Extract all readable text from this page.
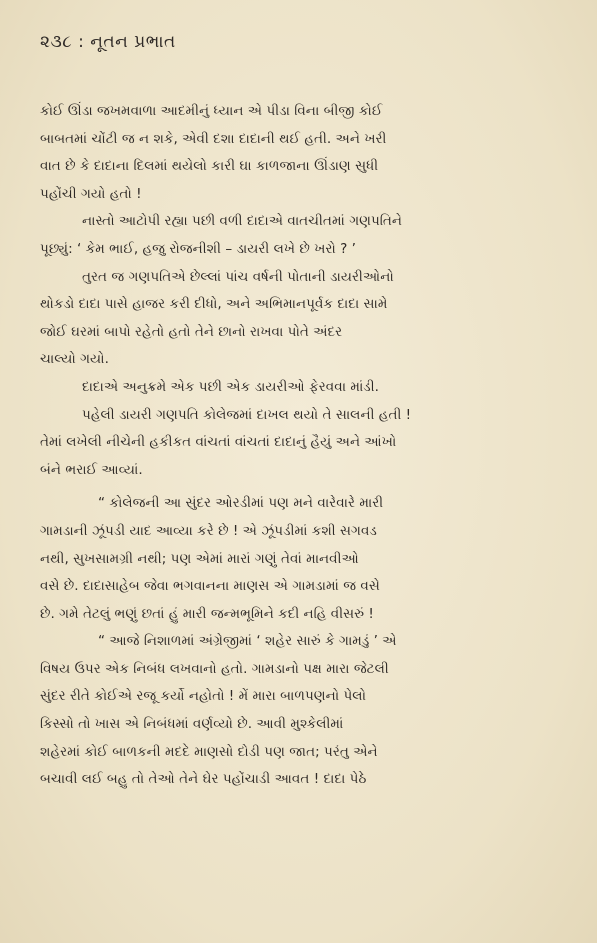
૨૩૮ : નૂતન પ્રભાત

કોઈ ઊંડા જખમવાળા આદમીનું ધ્યાન એ પીડા વિના બીજી કોઈ
બાબતમાં ચોંટી જ ન શકે, એવી દશા દાદાની થઈ હતી. અને ખરી
વાત છે કે દાદાના દિલમાં થયેલો કારી ઘા કાળજાના ઊંડાણ સુધી
પહોંચી ગયો હતો !

નાસ્તો આટોપી રહ્યા પછી વળી દાદાએ વાતચીતમાં ગણપતિને
પૂછ્યું: ‘ કેમ ભાઈ, હજુ રોજનીશી – ડાયરી લખે છે ખરો ? ’

તુરત જ ગણપતિએ છેલ્લાં પાંચ વર્ષની પોતાની ડાયરીઓનો
થોકડો દાદા પાસે હાજર કરી દીધો, અને અભિમાનપૂર્વક દાદા સામે
જોઈ ઘરમાં બાપો રહેતો હતો તેને છાનો રાખવા પોતે અંદર
ચાલ્યો ગયો.

દાદાએ અનુક્રમે એક પછી એક ડાયરીઓ ફેરવવા માંડી.

પહેલી ડાયરી ગણપતિ કોલેજમાં દાખલ થયો તે સાલની હતી !
તેમાં લખેલી નીચેની હકીકત વાંચતાં વાંચતાં દાદાનું હૈયું અને આંખો
બંને ભરાઈ આવ્યાં.

“ કોલેજની આ સુંદર ઓરડીમાં પણ મને વારેવારે મારી
ગામડાની ઝૂંપડી યાદ આવ્યા કરે છે ! એ ઝૂંપડીમાં કશી સગવડ
નથી, સુખસામગ્રી નથી; પણ એમાં મારાં ગણું તેવાં માનવીઓ
વસે છે. દાદાસાહેબ જેવા ભગવાનના માણસ એ ગામડામાં જ વસે
છે. ગમે તેટલું ભણું છતાં હું મારી જન્મભૂમિને કદી નહિ વીસરું !

“ આજે નિશાળમાં અંગ્રેજીમાં ‘ શહેર સારું કે ગામડું ’ એ
વિષય ઉપર એક નિબંધ લખવાનો હતો. ગામડાનો પક્ષ મારા જેટલી
સુંદર રીતે કોઈએ રજૂ કર્યો નહોતો ! મેં મારા બાળપણનો પેલો
કિસ્સો તો ખાસ એ નિબંધમાં વર્ણવ્યો છે. આવી મુશ્કેલીમાં
શહેરમાં કોઈ બાળકની મદદે માણસો દોડી પણ જાત; પરંતુ એને
બચાવી લઈ બહુ તો તેઓ તેને ઘેર પહોંચાડી આવત ! દાદા પેઠે
